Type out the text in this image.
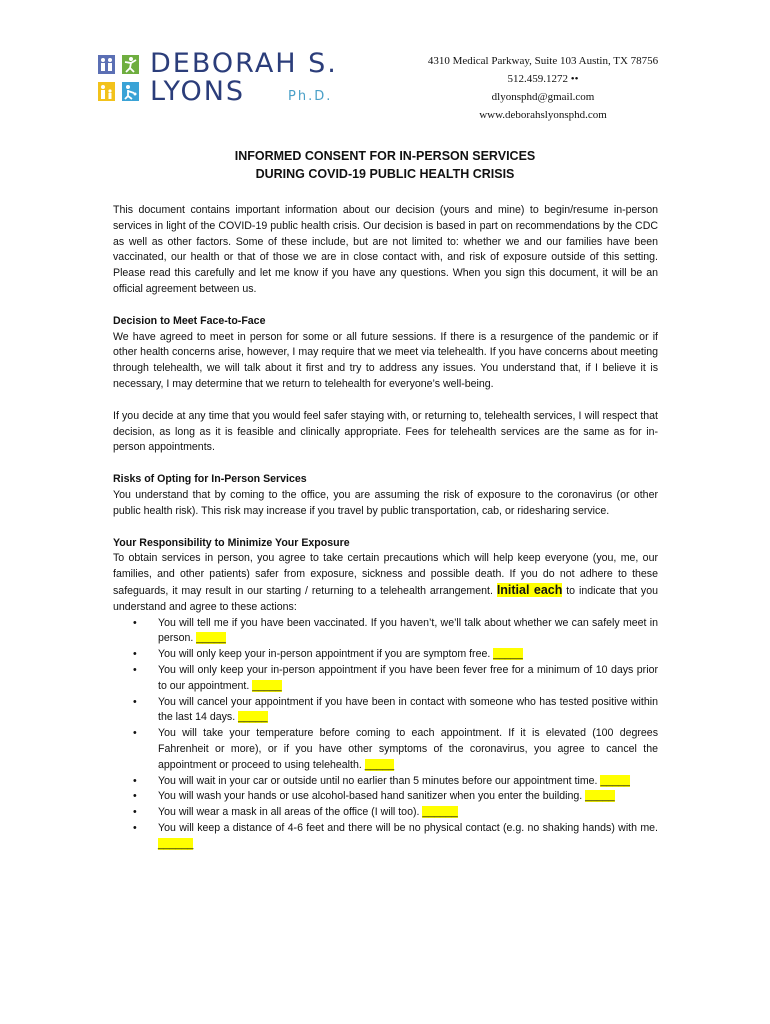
DEBORAH S.
LYONS	Ph.D.
4310 Medical Parkway, Suite 103 Austin, TX 78756
512.459.1272 ••
dlyonsphd@gmail.com
www.deborahslyonsphd.com
INFORMED CONSENT FOR IN-PERSON SERVICES
DURING COVID-19 PUBLIC HEALTH CRISIS

This document contains important information about our decision (yours and mine) to begin/resume in-person services in light of the COVID-19 public health crisis. Our decision is based in part on recommendations by the CDC as well as other factors. Some of these include, but are not limited to: whether we and our families have been vaccinated, our health or that of those we are in close contact with, and risk of exposure outside of this setting. Please read this carefully and let me know if you have any questions. When you sign this document, it will be an official agreement between us.

Decision to Meet Face-to-Face

We have agreed to meet in person for some or all future sessions. If there is a resurgence of the pandemic or if other health concerns arise, however, I may require that we meet via telehealth. If you have concerns about meeting through telehealth, we will talk about it first and try to address any issues. You understand that, if I believe it is necessary, I may determine that we return to telehealth for everyone’s well-being.

If you decide at any time that you would feel safer staying with, or returning to, telehealth services, I will respect that decision, as long as it is feasible and clinically appropriate. Fees for telehealth services are the same as for in-person appointments.

Risks of Opting for In-Person Services

You understand that by coming to the office, you are assuming the risk of exposure to the coronavirus (or other public health risk). This risk may increase if you travel by public transportation, cab, or ridesharing service.

Your Responsibility to Minimize Your Exposure

To obtain services in person, you agree to take certain precautions which will help keep everyone (you, me, our families, and other patients) safer from exposure, sickness and possible death. If you do not adhere to these safeguards, it may result in our starting / returning to a telehealth arrangement. Initial each to indicate that you understand and agree to these actions:

• You will tell me if you have been vaccinated. If you haven’t, we’ll talk about whether we can safely meet in person. _____
• You will only keep your in-person appointment if you are symptom free. _____
• You will only keep your in-person appointment if you have been fever free for a minimum of 10 days prior to our appointment. _____
• You will cancel your appointment if you have been in contact with someone who has tested positive within the last 14 days. _____
• You will take your temperature before coming to each appointment. If it is elevated (100 degrees Fahrenheit or more), or if you have other symptoms of the coronavirus, you agree to cancel the appointment or proceed to using telehealth. _____
• You will wait in your car or outside until no earlier than 5 minutes before our appointment time. _____
• You will wash your hands or use alcohol-based hand sanitizer when you enter the building. _____
• You will wear a mask in all areas of the office (I will too). ______
• You will keep a distance of 4-6 feet and there will be no physical contact (e.g. no shaking hands) with me. ______
